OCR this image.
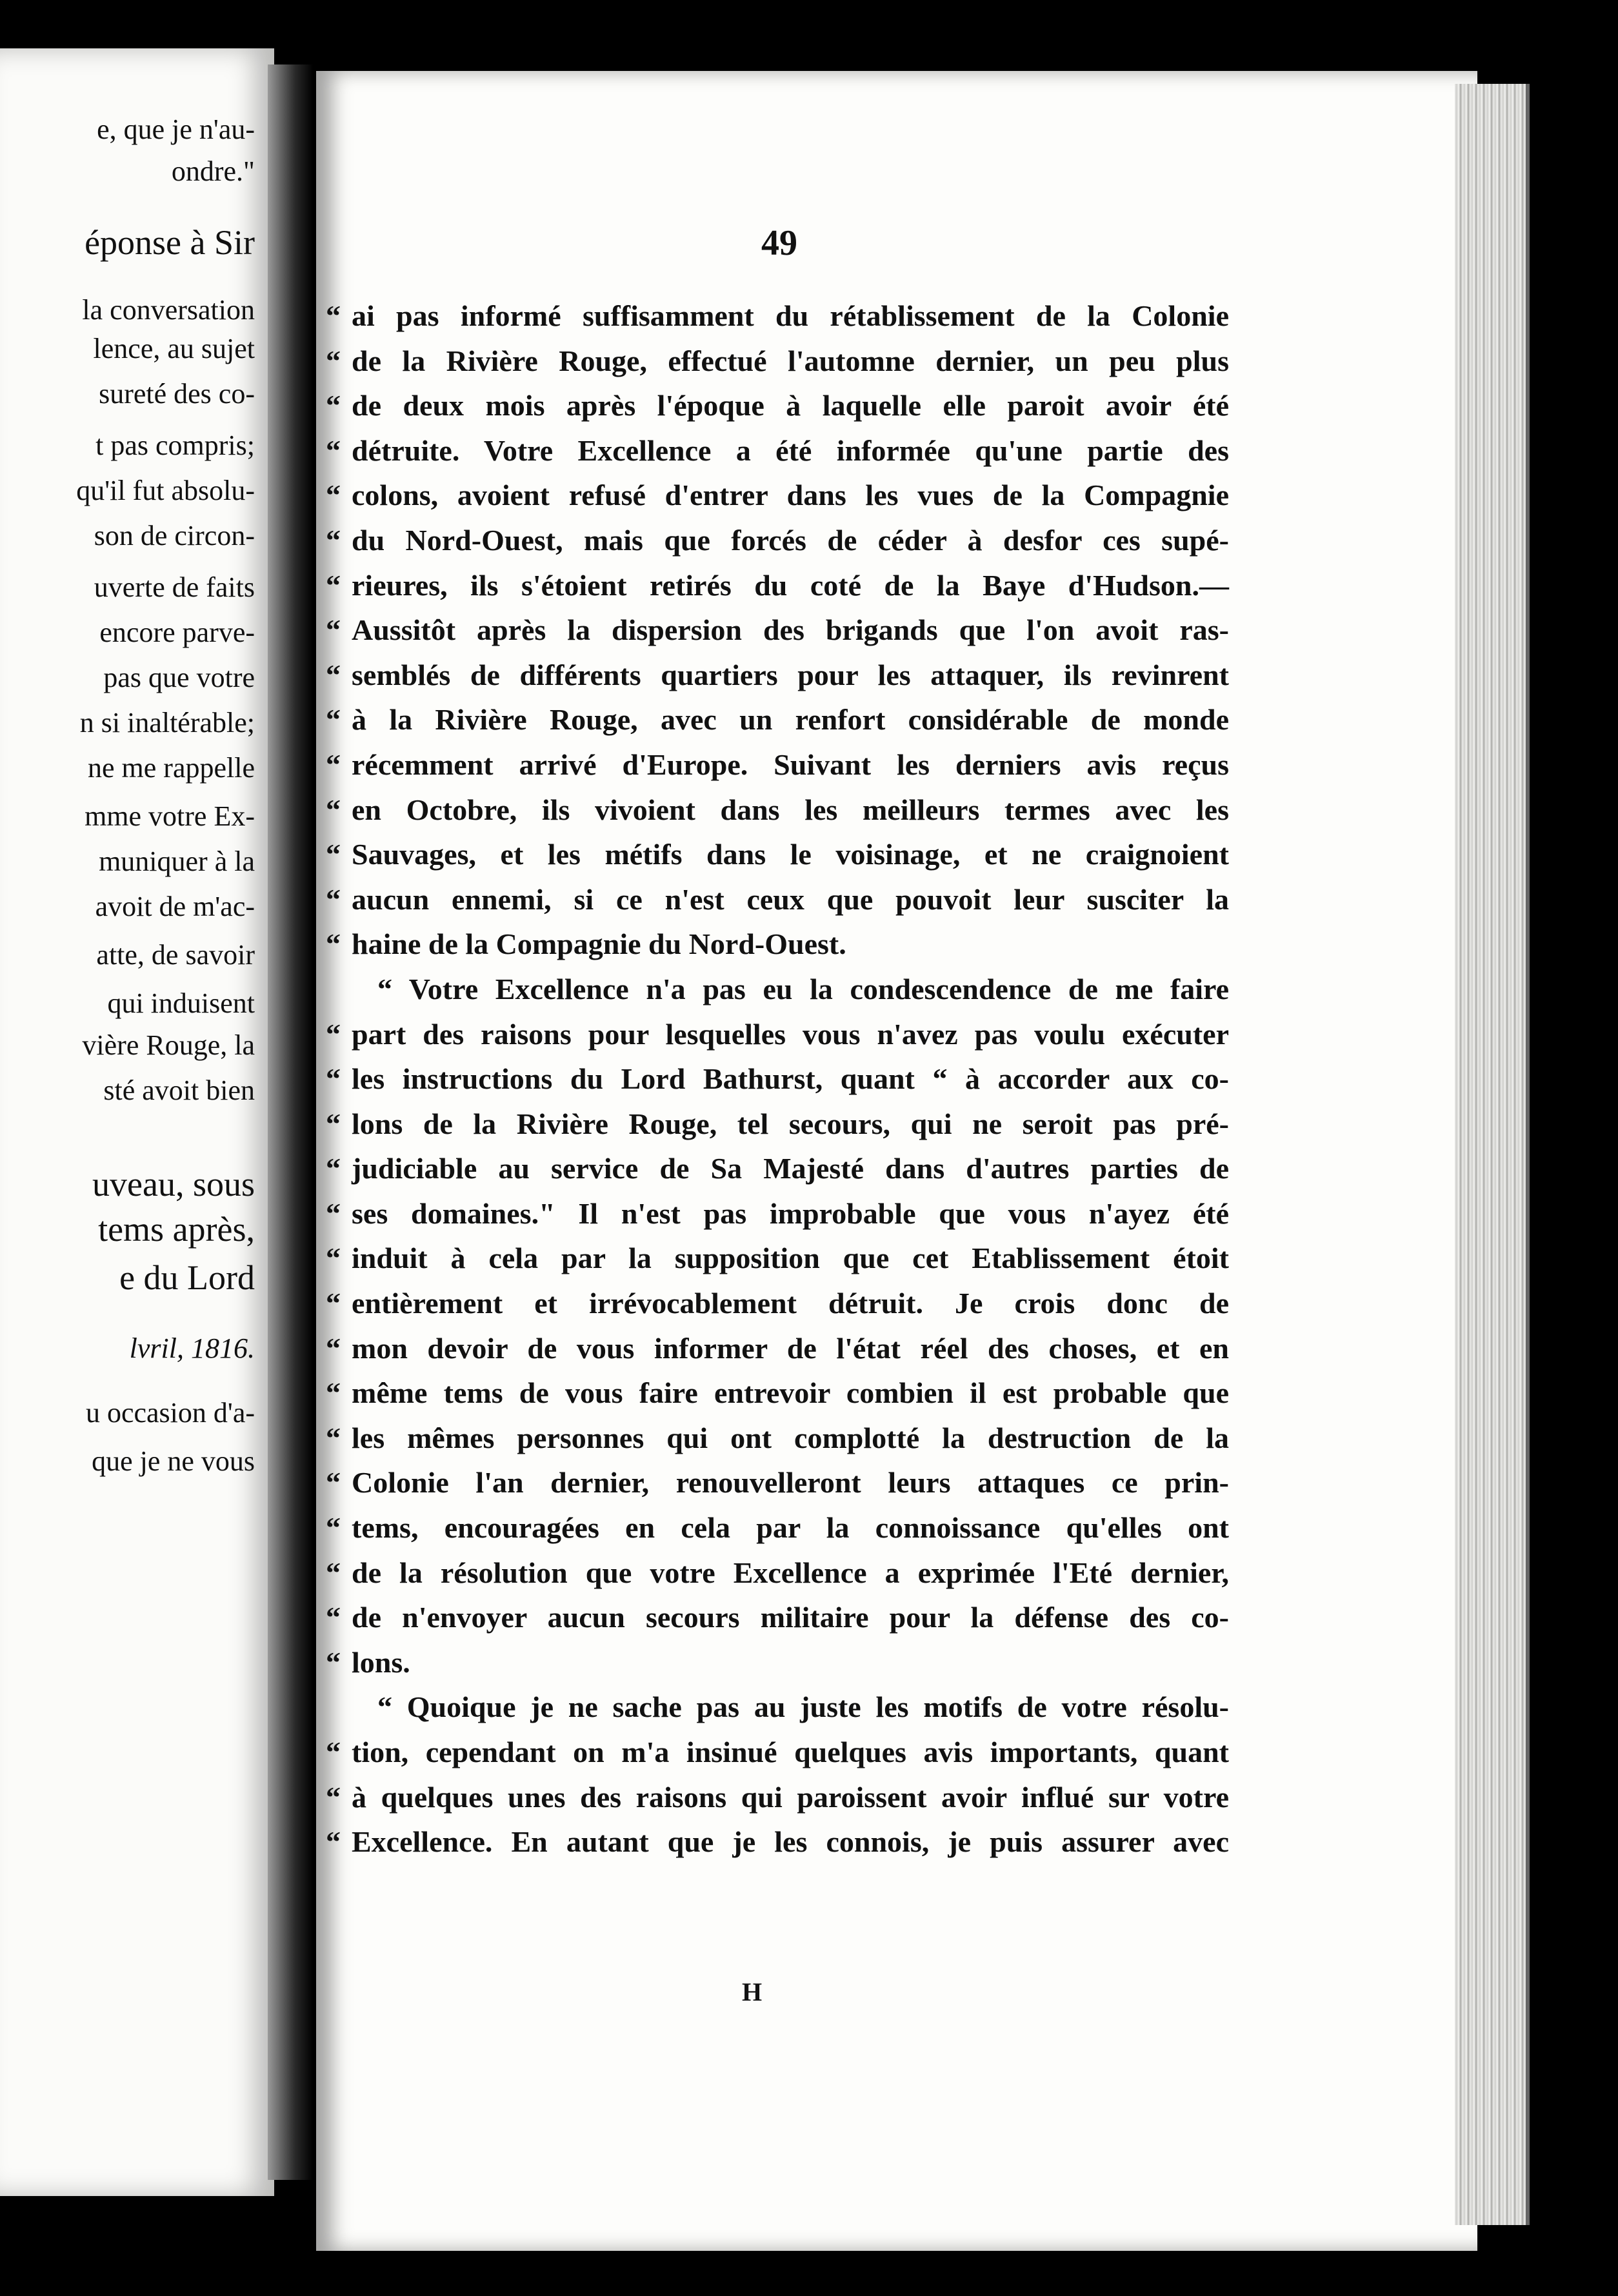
e, que je n'au-
ondre."
éponse à Sir
la conversation
lence, au sujet
sureté des co-
t pas compris;
qu'il fut absolu-
son de circon-
uverte de faits
encore parve-
pas que votre
n si inaltérable;
ne me rappelle
mme votre Ex-
muniquer à la
avoit de m'ac-
atte, de savoir
qui induisent
vière Rouge, la
sté avoit bien
uveau, sous
tems après,
e du Lord
lvril, 1816.
u occasion d'a-
que je ne vous
49
“ ai pas informé suffisamment du rétablissement de la Colonie
“ de la Rivière Rouge, effectué l'automne dernier, un peu plus
“ de deux mois après l'époque à laquelle elle paroit avoir été
“ détruite. Votre Excellence a été informée qu'une partie des
“ colons, avoient refusé d'entrer dans les vues de la Compagnie
“ du Nord-Ouest, mais que forcés de céder à desfor ces supé-
“ rieures, ils s'étoient retirés du coté de la Baye d'Hudson.—
“ Aussitôt après la dispersion des brigands que l'on avoit ras-
“ semblés de différents quartiers pour les attaquer, ils revinrent
“ à la Rivière Rouge, avec un renfort considérable de monde
“ récemment arrivé d'Europe. Suivant les derniers avis reçus
“ en Octobre, ils vivoient dans les meilleurs termes avec les
“ Sauvages, et les métifs dans le voisinage, et ne craignoient
“ aucun ennemi, si ce n'est ceux que pouvoit leur susciter la
“ haine de la Compagnie du Nord-Ouest.
“ Votre Excellence n'a pas eu la condescendence de me faire
“ part des raisons pour lesquelles vous n'avez pas voulu exécuter
“ les instructions du Lord Bathurst, quant “ à accorder aux co-
“ lons de la Rivière Rouge, tel secours, qui ne seroit pas pré-
“ judiciable au service de Sa Majesté dans d'autres parties de
“ ses domaines." Il n'est pas improbable que vous n'ayez été
“ induit à cela par la supposition que cet Etablissement étoit
“ entièrement et irrévocablement détruit. Je crois donc de
“ mon devoir de vous informer de l'état réel des choses, et en
“ même tems de vous faire entrevoir combien il est probable que
“ les mêmes personnes qui ont complotté la destruction de la
“ Colonie l'an dernier, renouvelleront leurs attaques ce prin-
“ tems, encouragées en cela par la connoissance qu'elles ont
“ de la résolution que votre Excellence a exprimée l'Eté dernier,
“ de n'envoyer aucun secours militaire pour la défense des co-
“ lons.
“ Quoique je ne sache pas au juste les motifs de votre résolu-
“ tion, cependant on m'a insinué quelques avis importants, quant
“ à quelques unes des raisons qui paroissent avoir influé sur votre
“ Excellence. En autant que je les connois, je puis assurer avec
H
